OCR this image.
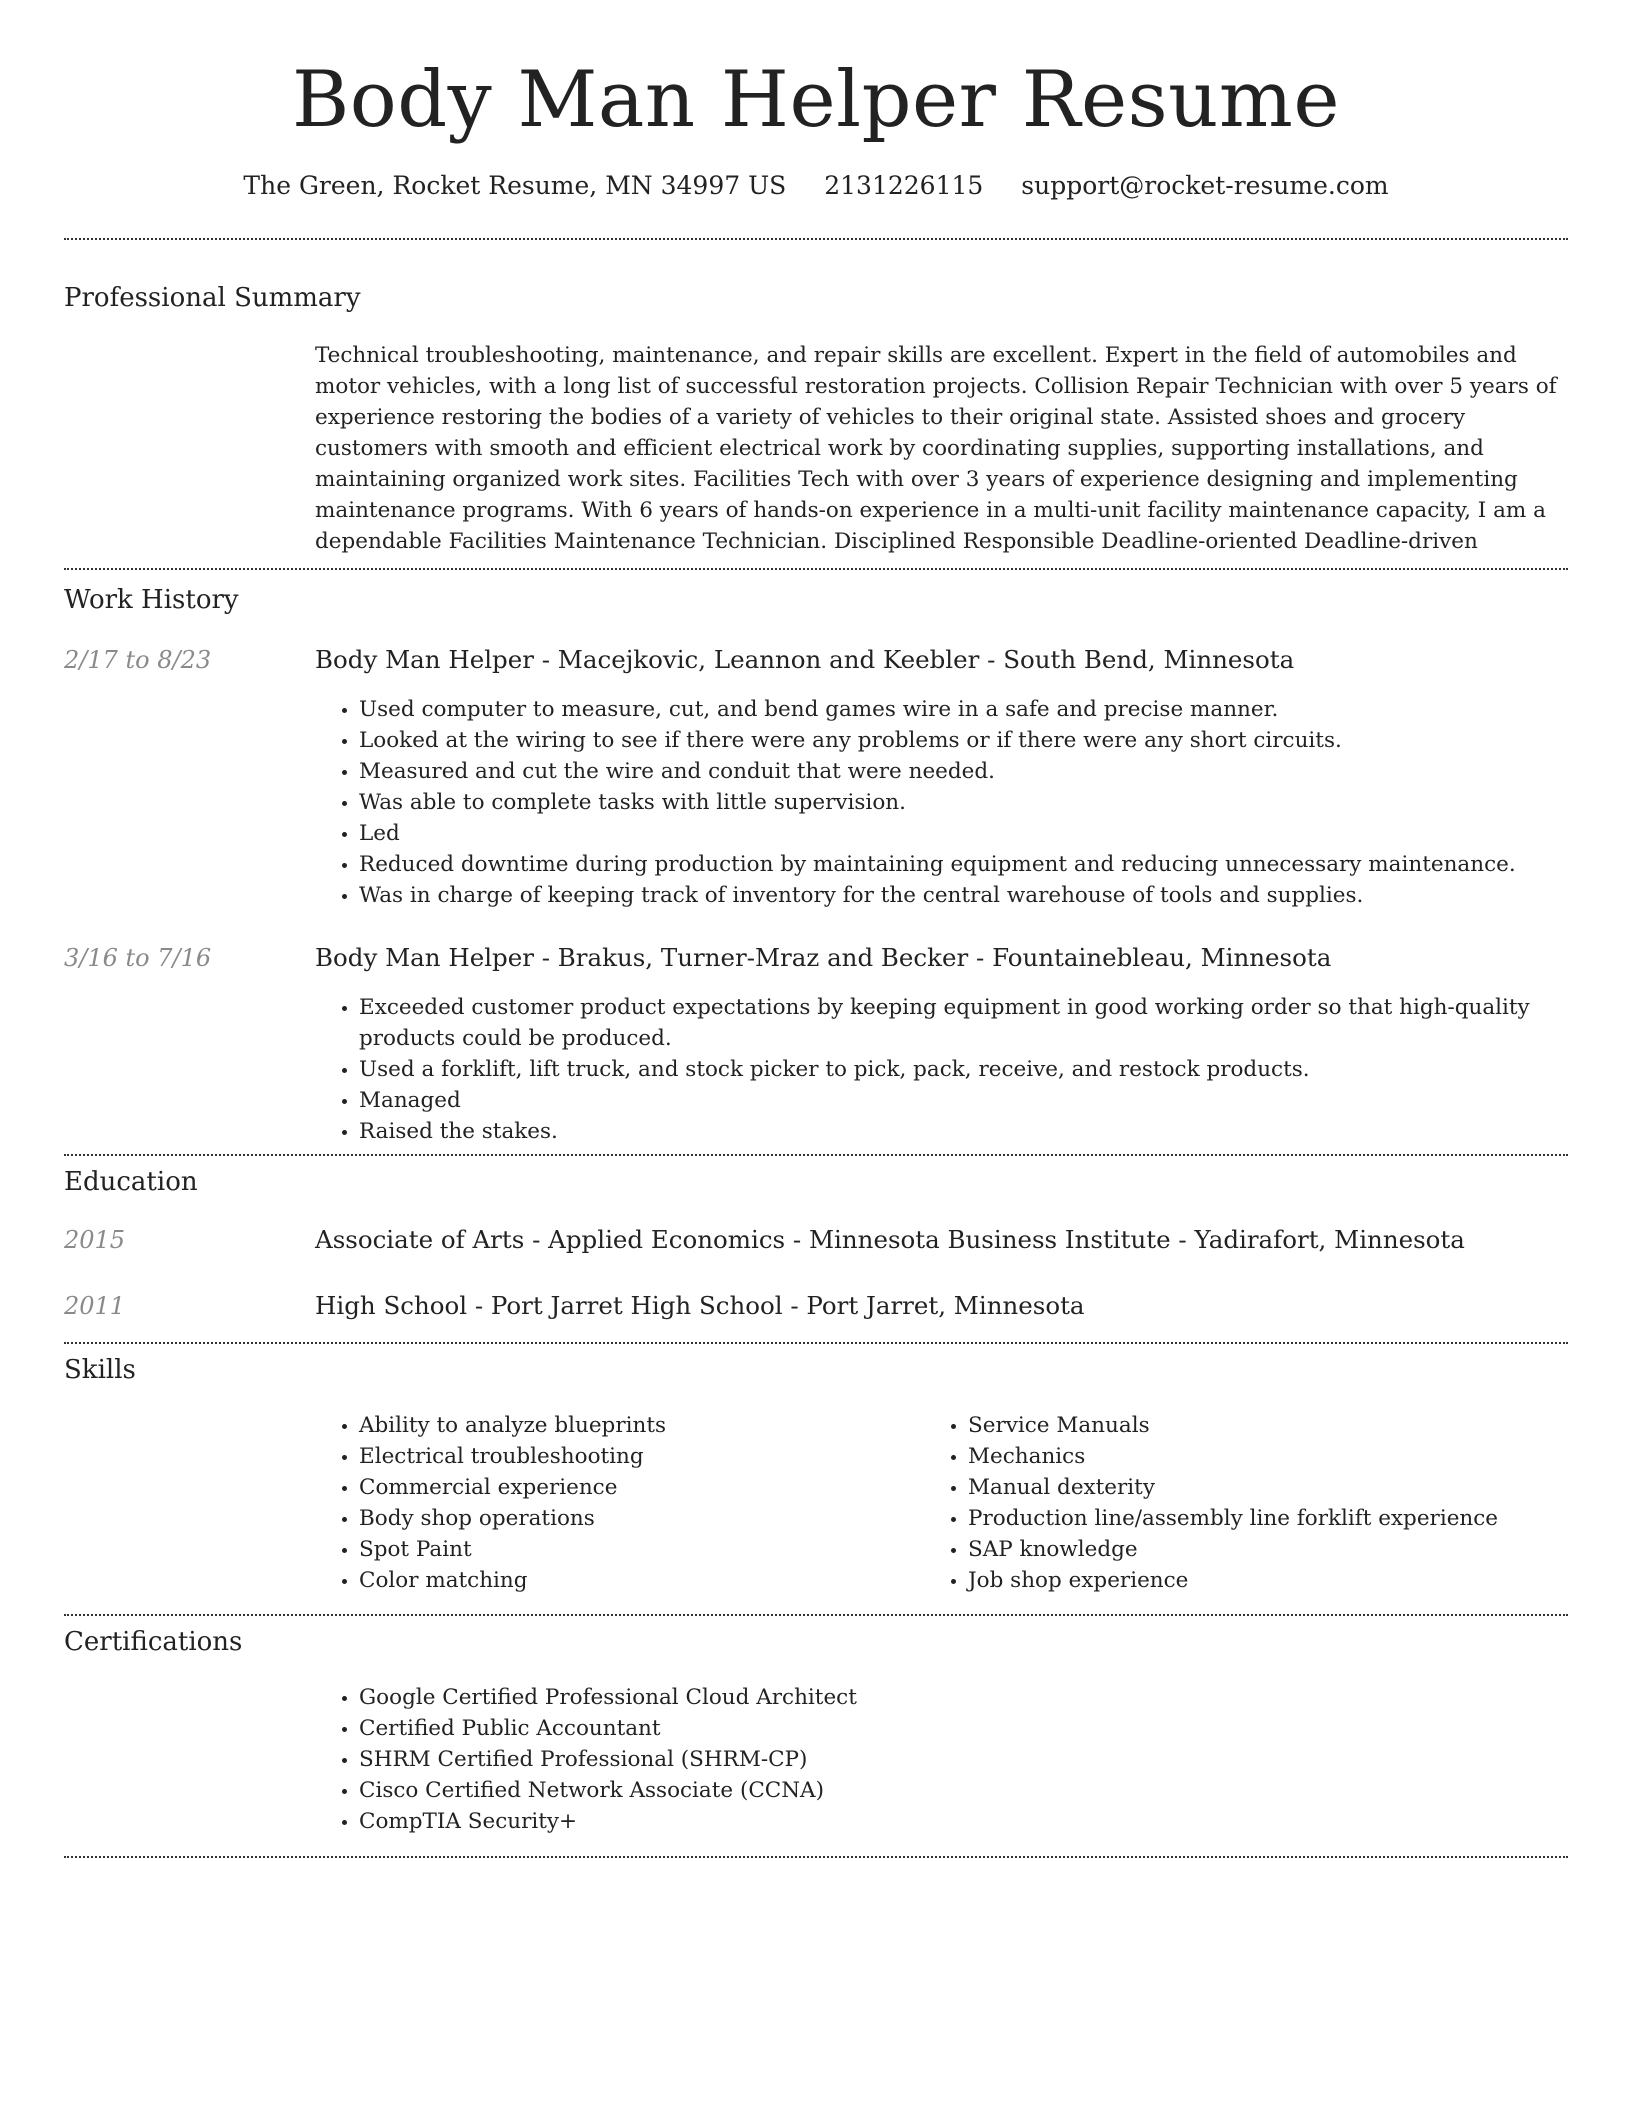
Body Man Helper Resume
The Green, Rocket Resume, MN 34997 US 2131226115 support@rocket-resume.com
Professional Summary
Technical troubleshooting, maintenance, and repair skills are excellent. Expert in the field of automobiles and motor vehicles, with a long list of successful restoration projects. Collision Repair Technician with over 5 years of experience restoring the bodies of a variety of vehicles to their original state. Assisted shoes and grocery customers with smooth and efficient electrical work by coordinating supplies, supporting installations, and maintaining organized work sites. Facilities Tech with over 3 years of experience designing and implementing maintenance programs. With 6 years of hands-on experience in a multi-unit facility maintenance capacity, I am a dependable Facilities Maintenance Technician. Disciplined Responsible Deadline-oriented Deadline-driven
Work History
2/17 to 8/23	Body Man Helper - Macejkovic, Leannon and Keebler - South Bend, Minnesota
• Used computer to measure, cut, and bend games wire in a safe and precise manner.
• Looked at the wiring to see if there were any problems or if there were any short circuits.
• Measured and cut the wire and conduit that were needed.
• Was able to complete tasks with little supervision.
• Led
• Reduced downtime during production by maintaining equipment and reducing unnecessary maintenance.
• Was in charge of keeping track of inventory for the central warehouse of tools and supplies.
3/16 to 7/16	Body Man Helper - Brakus, Turner-Mraz and Becker - Fountainebleau, Minnesota
• Exceeded customer product expectations by keeping equipment in good working order so that high-quality products could be produced.
• Used a forklift, lift truck, and stock picker to pick, pack, receive, and restock products.
• Managed
• Raised the stakes.
Education
2015	Associate of Arts - Applied Economics - Minnesota Business Institute - Yadirafort, Minnesota
2011	High School - Port Jarret High School - Port Jarret, Minnesota
Skills
• Ability to analyze blueprints
• Electrical troubleshooting
• Commercial experience
• Body shop operations
• Spot Paint
• Color matching
• Service Manuals
• Mechanics
• Manual dexterity
• Production line/assembly line forklift experience
• SAP knowledge
• Job shop experience
Certifications
• Google Certified Professional Cloud Architect
• Certified Public Accountant
• SHRM Certified Professional (SHRM-CP)
• Cisco Certified Network Associate (CCNA)
• CompTIA Security+
